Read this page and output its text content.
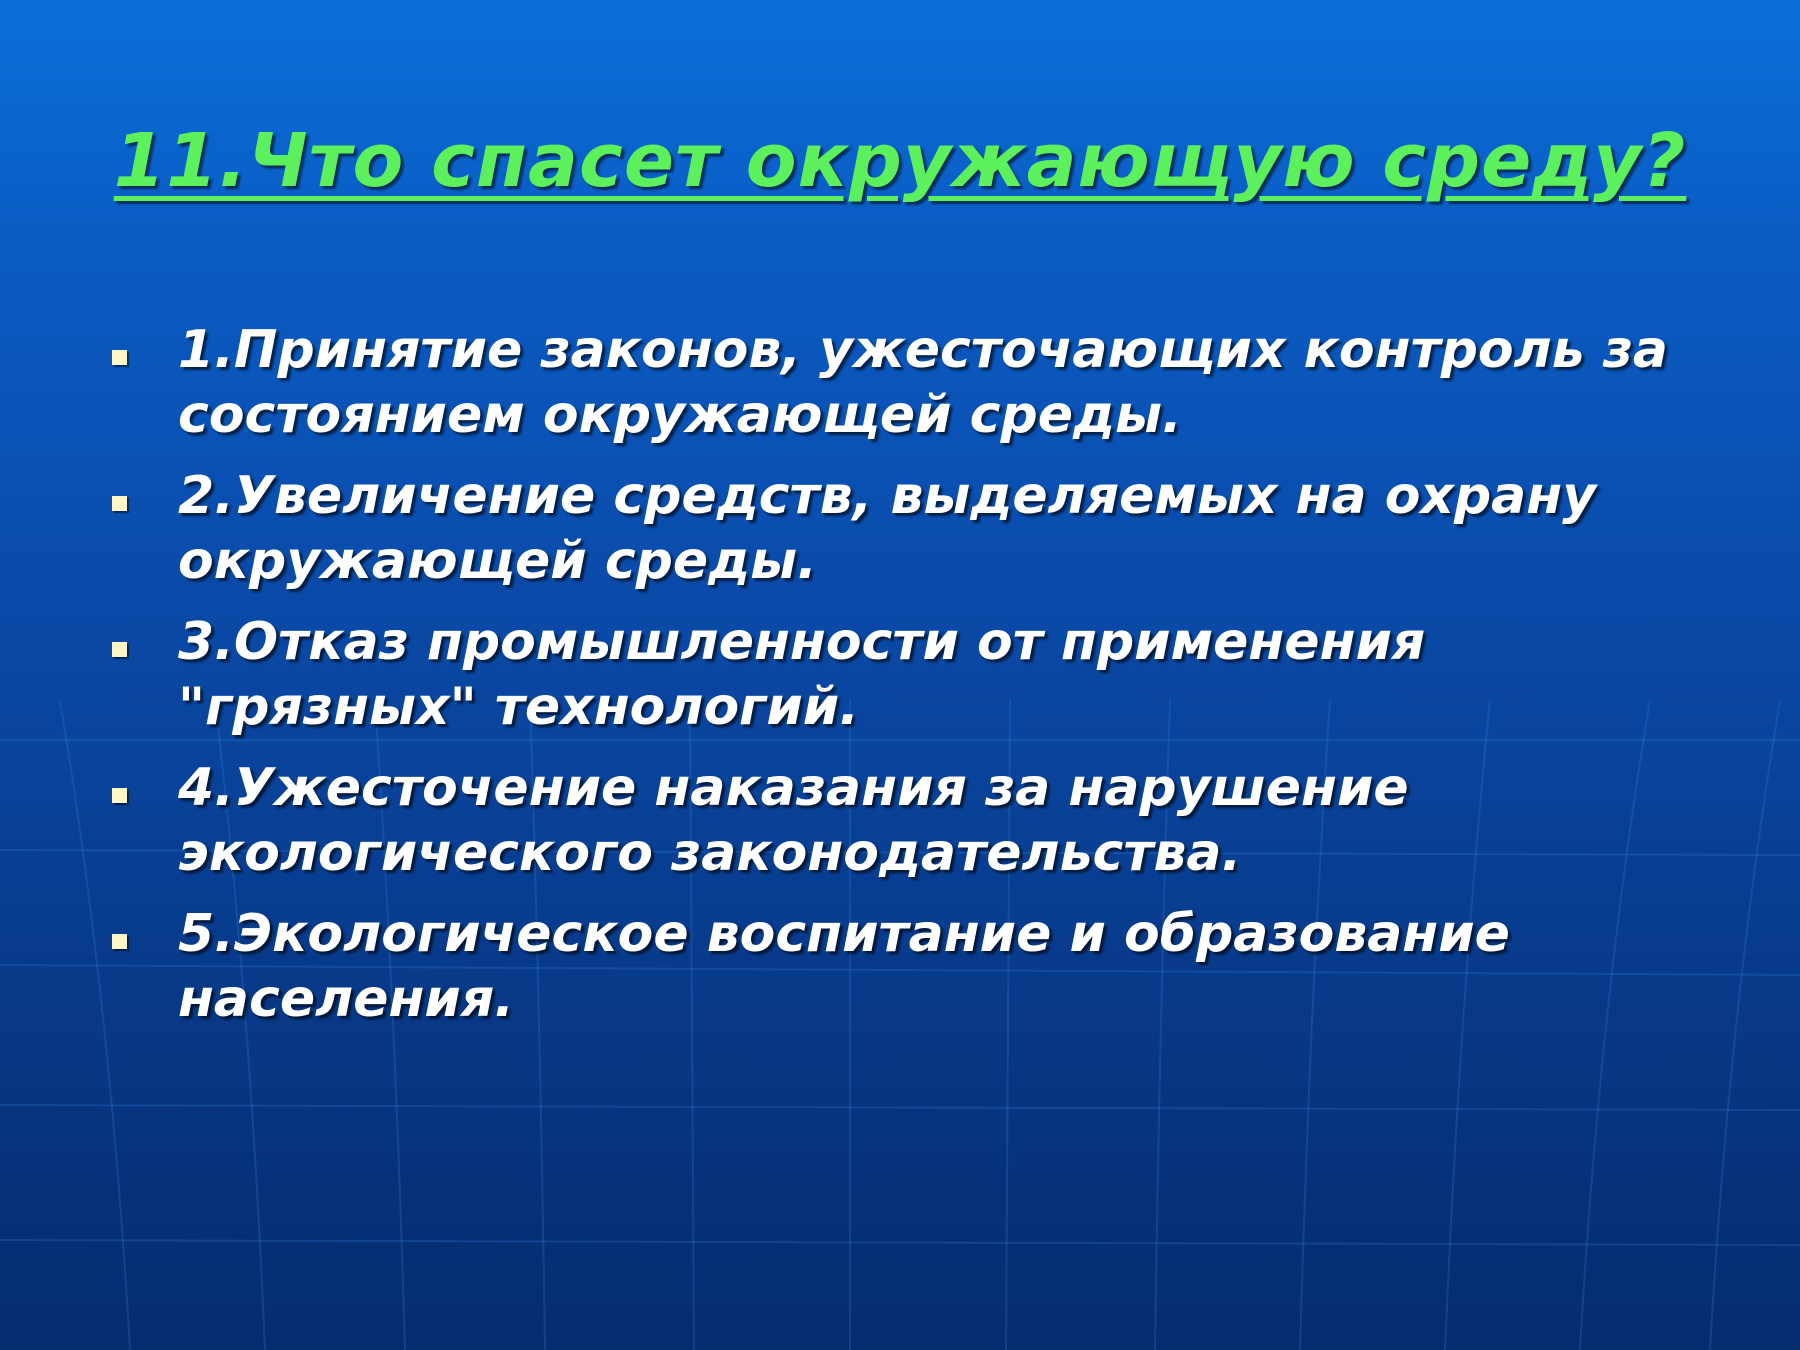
11.Что спасет окружающую среду?
1.Принятие законов, ужесточающих контроль за
состоянием окружающей среды.
2.Увеличение средств, выделяемых на охрану
окружающей среды.
3.Отказ промышленности от применения
"грязных" технологий.
4.Ужесточение наказания за нарушение
экологического законодательства.
5.Экологическое воспитание и образование
населения.
